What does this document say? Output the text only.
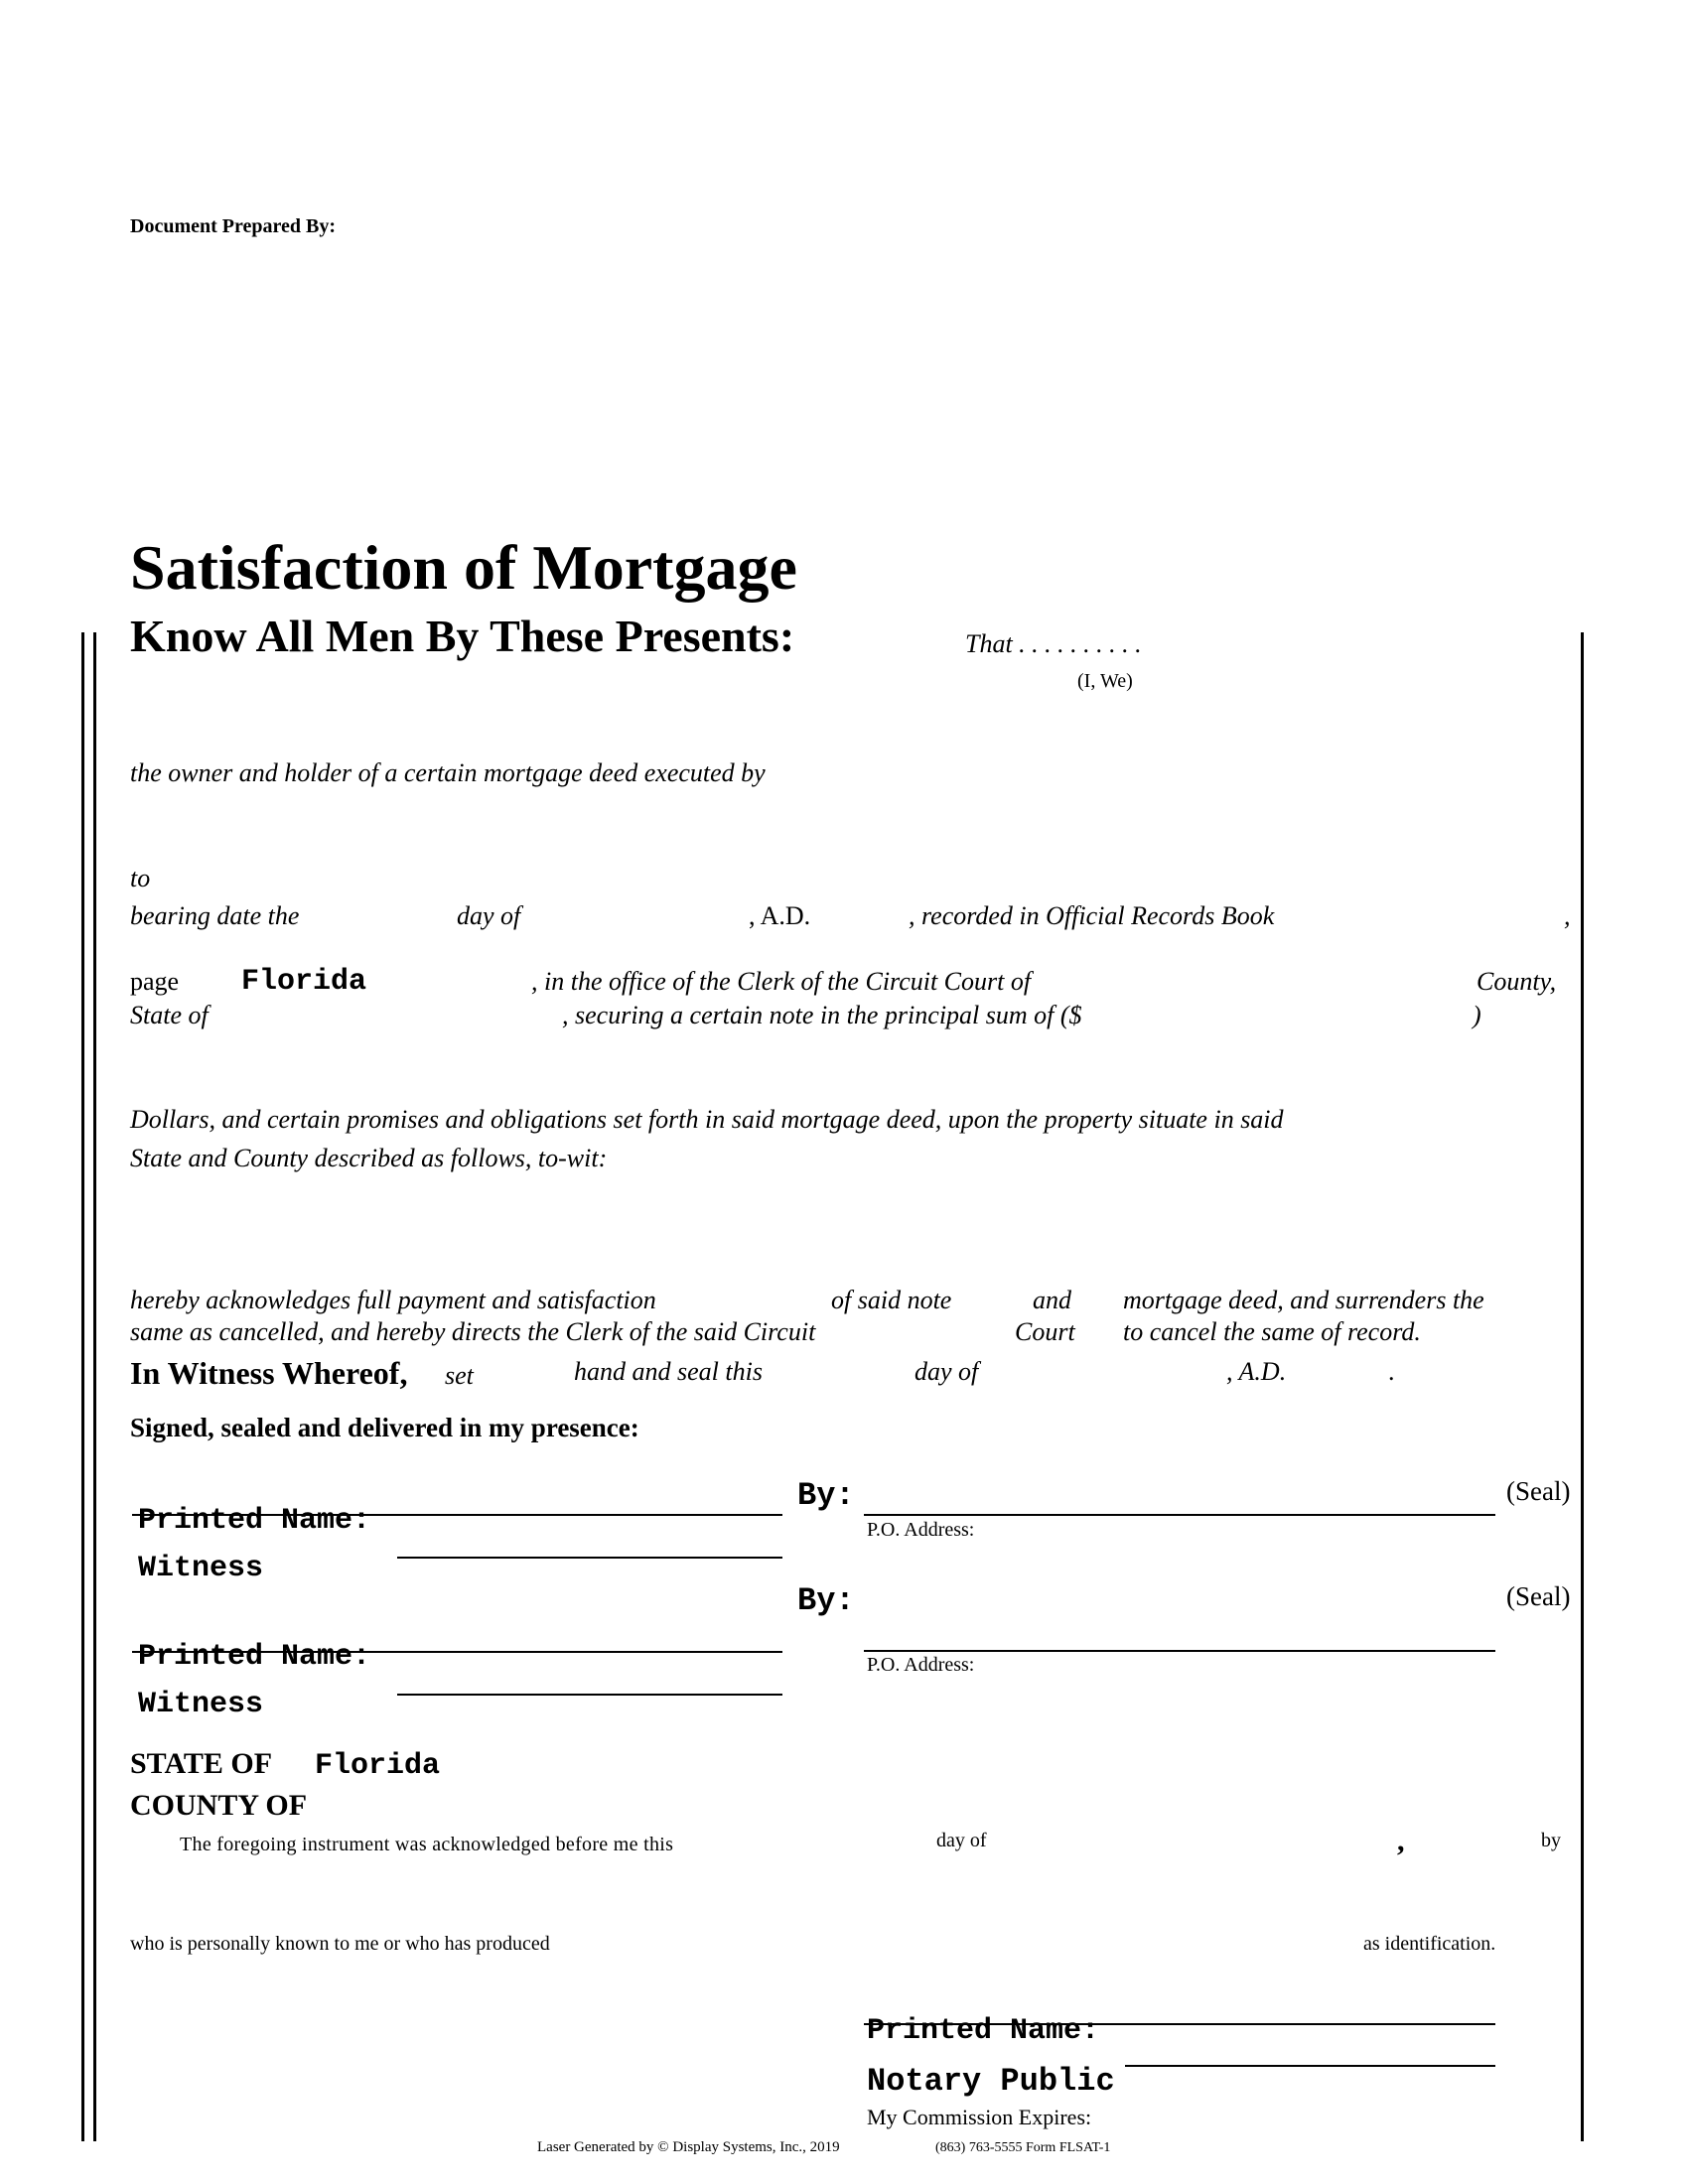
Document Prepared By:
Satisfaction of Mortgage
Know All Men By These Presents:	That . . . . . . . . . .
(I, We)
the owner and holder of a certain mortgage deed executed by
to
bearing date the	day of	, A.D.	, recorded in Official Records Book	,
page Florida	, in the office of the Clerk of the Circuit Court of	County,
State of	, securing a certain note in the principal sum of ($	)
Dollars, and certain promises and obligations set forth in said mortgage deed, upon the property situate in said
State and County described as follows, to-wit:
hereby acknowledges full payment and satisfaction	of said note	and mortgage deed, and surrenders the
same as cancelled, and hereby directs the Clerk of the said Circuit	Court to cancel the same of record.
In Witness Whereof, set	hand and seal this	day of	, A.D.	.
Signed, sealed and delivered in my presence:
By:	(Seal)
P.O. Address:
Printed Name:
Witness
By:	(Seal)
P.O. Address:
Printed Name:
Witness
STATE OF Florida
COUNTY OF
The foregoing instrument was acknowledged before me this	day of	,	by
who is personally known to me or who has produced	as identification.
Printed Name:
Notary Public
My Commission Expires:
Laser Generated by © Display Systems, Inc., 2019	(863) 763-5555 Form FLSAT-1
